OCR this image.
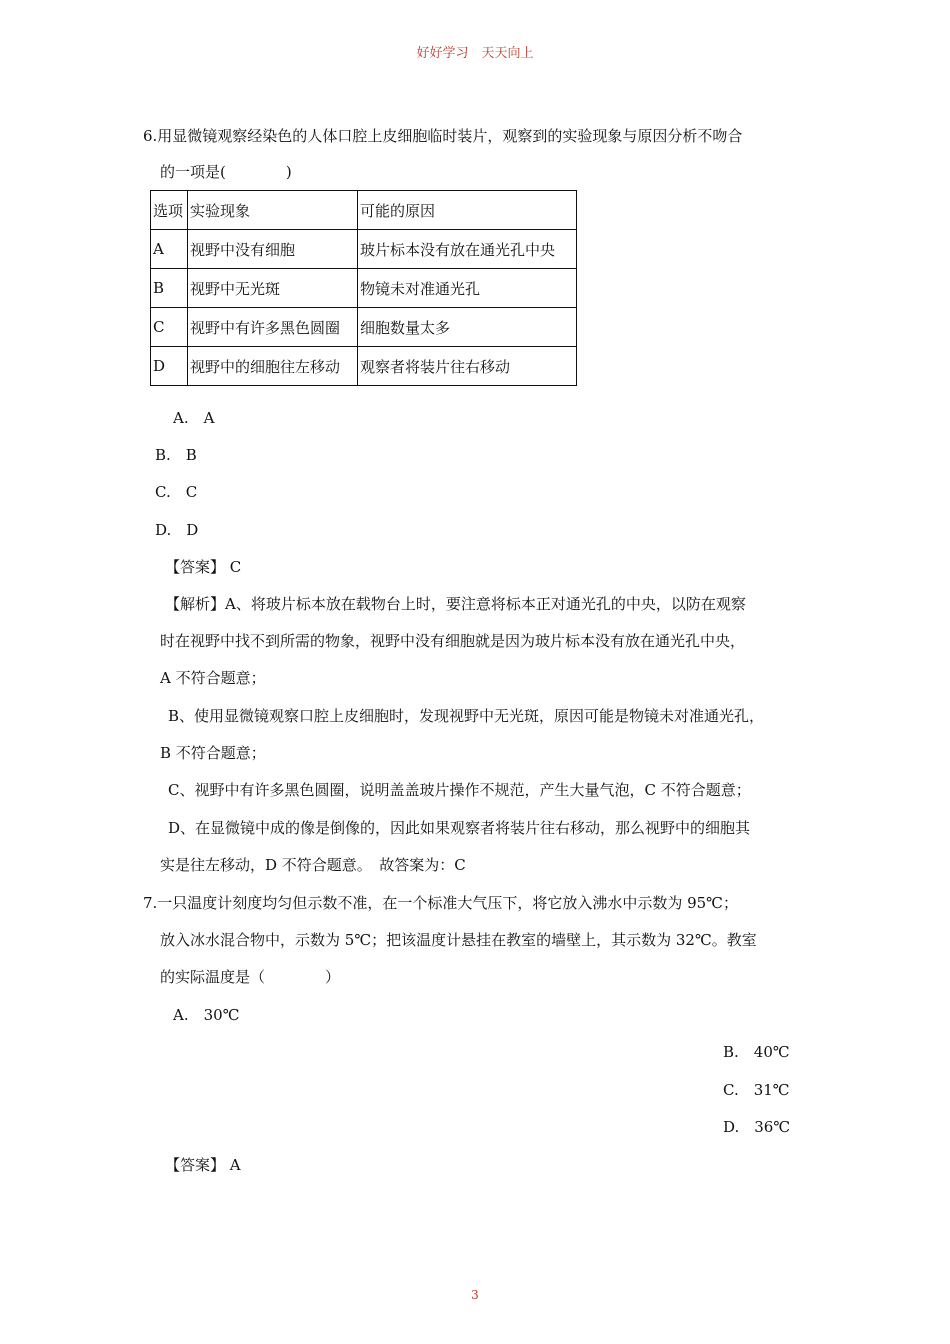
好好学习　天天向上
6.用显微镜观察经染色的人体口腔上皮细胞临时装片，观察到的实验现象与原因分析不吻合
的一项是(　　　　)
选项	实验现象	可能的原因
A	视野中没有细胞	玻片标本没有放在通光孔中央
B	视野中无光斑	物镜未对准通光孔
C	视野中有许多黑色圆圈	细胞数量太多
D	视野中的细胞往左移动	观察者将装片往右移动
A.　A
B.　B
C.　C
D.　D
【答案】 C
【解析】A、将玻片标本放在载物台上时，要注意将标本正对通光孔的中央，以防在观察
时在视野中找不到所需的物象，视野中没有细胞就是因为玻片标本没有放在通光孔中央，
A 不符合题意；
B、使用显微镜观察口腔上皮细胞时，发现视野中无光斑，原因可能是物镜未对准通光孔，
B 不符合题意；
C、视野中有许多黑色圆圈，说明盖盖玻片操作不规范，产生大量气泡，C 不符合题意；
D、在显微镜中成的像是倒像的，因此如果观察者将装片往右移动，那么视野中的细胞其
实是往左移动，D 不符合题意。　故答案为：C
7.一只温度计刻度均匀但示数不准，在一个标准大气压下，将它放入沸水中示数为 95℃；
放入冰水混合物中，示数为 5℃；把该温度计悬挂在教室的墙壁上，其示数为 32℃。教室
的实际温度是（　　　　）
A.　30℃
B.　40℃
C.　31℃
D.　36℃
【答案】 A
3
